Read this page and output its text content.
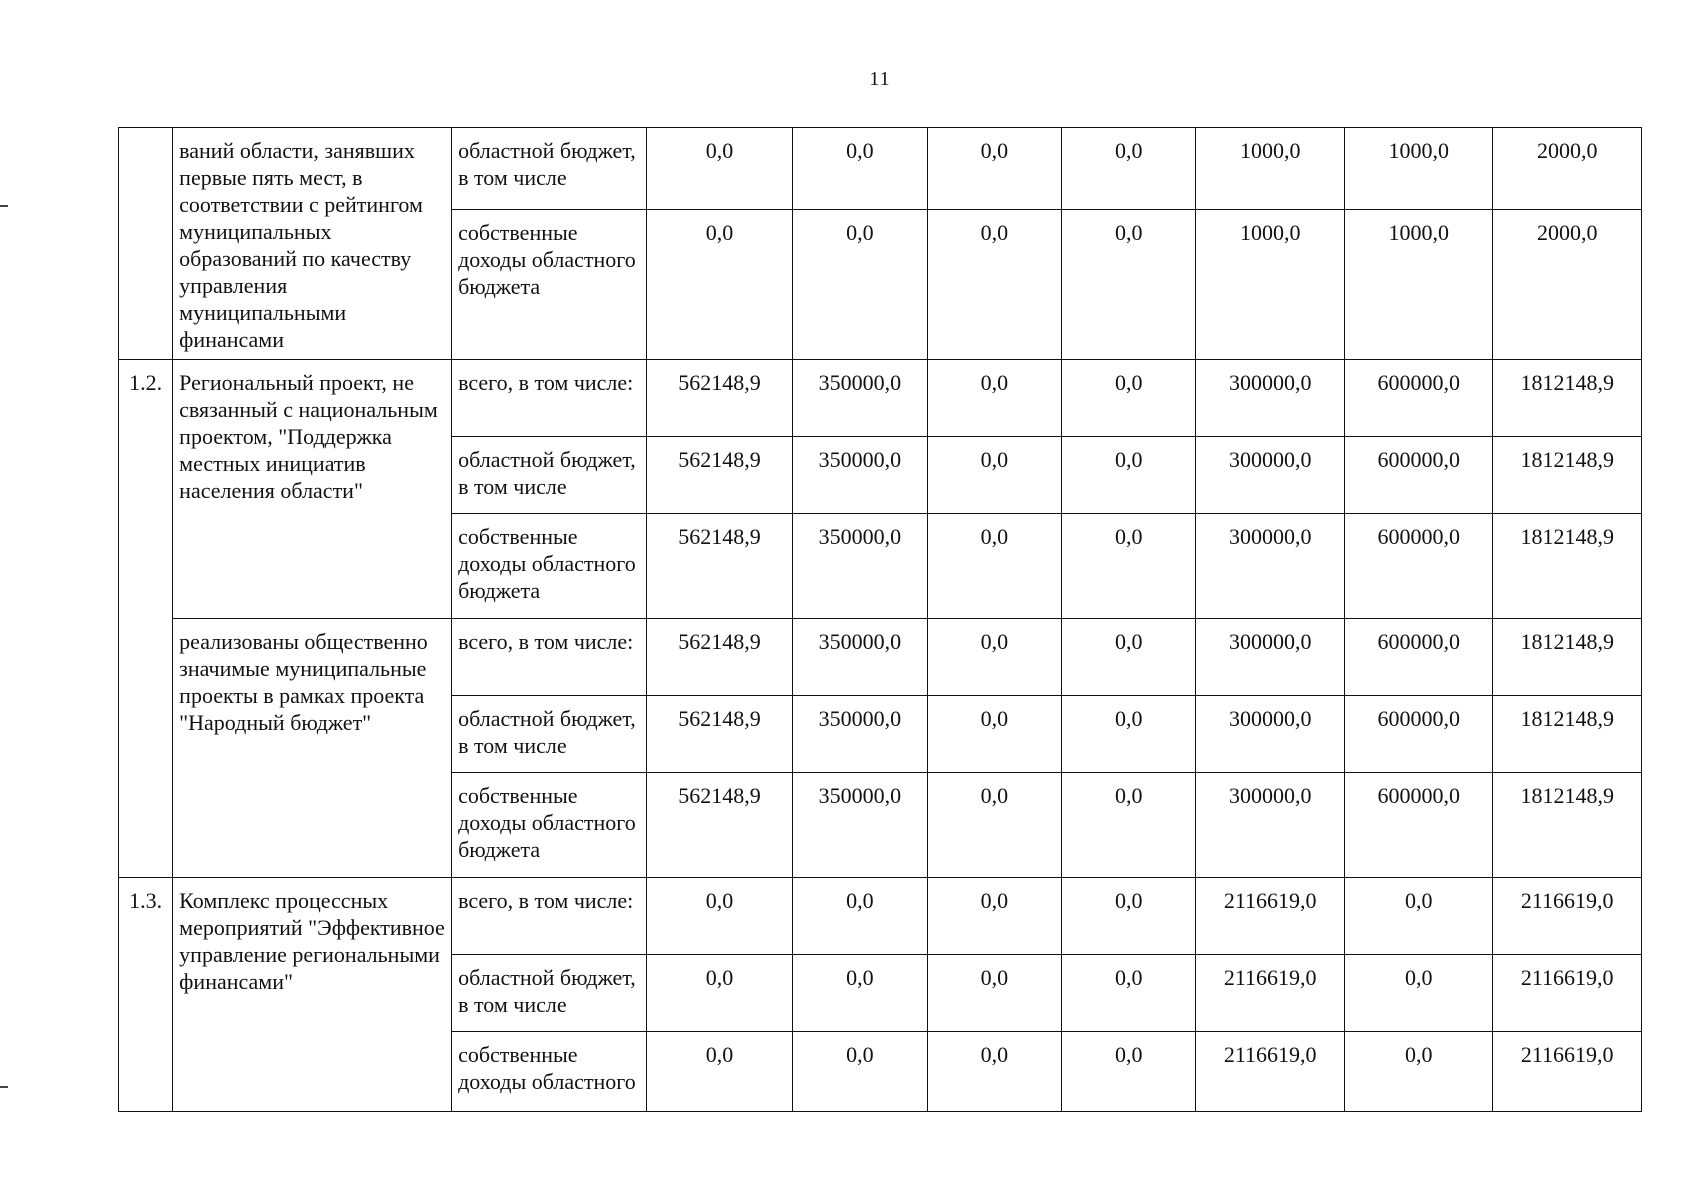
11
	ваний области, занявших первые пять мест, в соответствии с рейтингом муниципальных образований по качеству управления муниципальными финансами	областной бюджет, в том числе	0,0	0,0	0,0	0,0	1000,0	1000,0	2000,0
		собственные доходы областного бюджета	0,0	0,0	0,0	0,0	1000,0	1000,0	2000,0
1.2.	Региональный проект, не связанный с национальным проектом, "Поддержка местных инициатив населения области"	всего, в том числе:	562148,9	350000,0	0,0	0,0	300000,0	600000,0	1812148,9
		областной бюджет, в том числе	562148,9	350000,0	0,0	0,0	300000,0	600000,0	1812148,9
		собственные доходы областного бюджета	562148,9	350000,0	0,0	0,0	300000,0	600000,0	1812148,9
	реализованы общественно значимые муниципальные проекты в рамках проекта "Народный бюджет"	всего, в том числе:	562148,9	350000,0	0,0	0,0	300000,0	600000,0	1812148,9
		областной бюджет, в том числе	562148,9	350000,0	0,0	0,0	300000,0	600000,0	1812148,9
		собственные доходы областного бюджета	562148,9	350000,0	0,0	0,0	300000,0	600000,0	1812148,9
1.3.	Комплекс процессных мероприятий "Эффективное управление региональными финансами"	всего, в том числе:	0,0	0,0	0,0	0,0	2116619,0	0,0	2116619,0
		областной бюджет, в том числе	0,0	0,0	0,0	0,0	2116619,0	0,0	2116619,0
		собственные доходы областного	0,0	0,0	0,0	0,0	2116619,0	0,0	2116619,0
